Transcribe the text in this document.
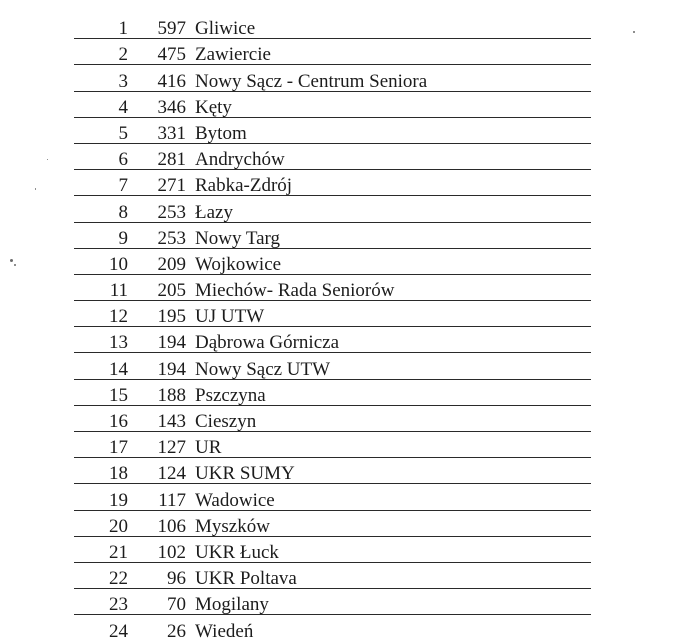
1	597	Gliwice
2	475	Zawiercie
3	416	Nowy Sącz - Centrum Seniora
4	346	Kęty
5	331	Bytom
6	281	Andrychów
7	271	Rabka-Zdrój
8	253	Łazy
9	253	Nowy Targ
10	209	Wojkowice
11	205	Miechów- Rada Seniorów
12	195	UJ UTW
13	194	Dąbrowa Górnicza
14	194	Nowy Sącz UTW
15	188	Pszczyna
16	143	Cieszyn
17	127	UR
18	124	UKR SUMY
19	117	Wadowice
20	106	Myszków
21	102	UKR Łuck
22	96	UKR Poltava
23	70	Mogilany
24	26	Wiedeń
